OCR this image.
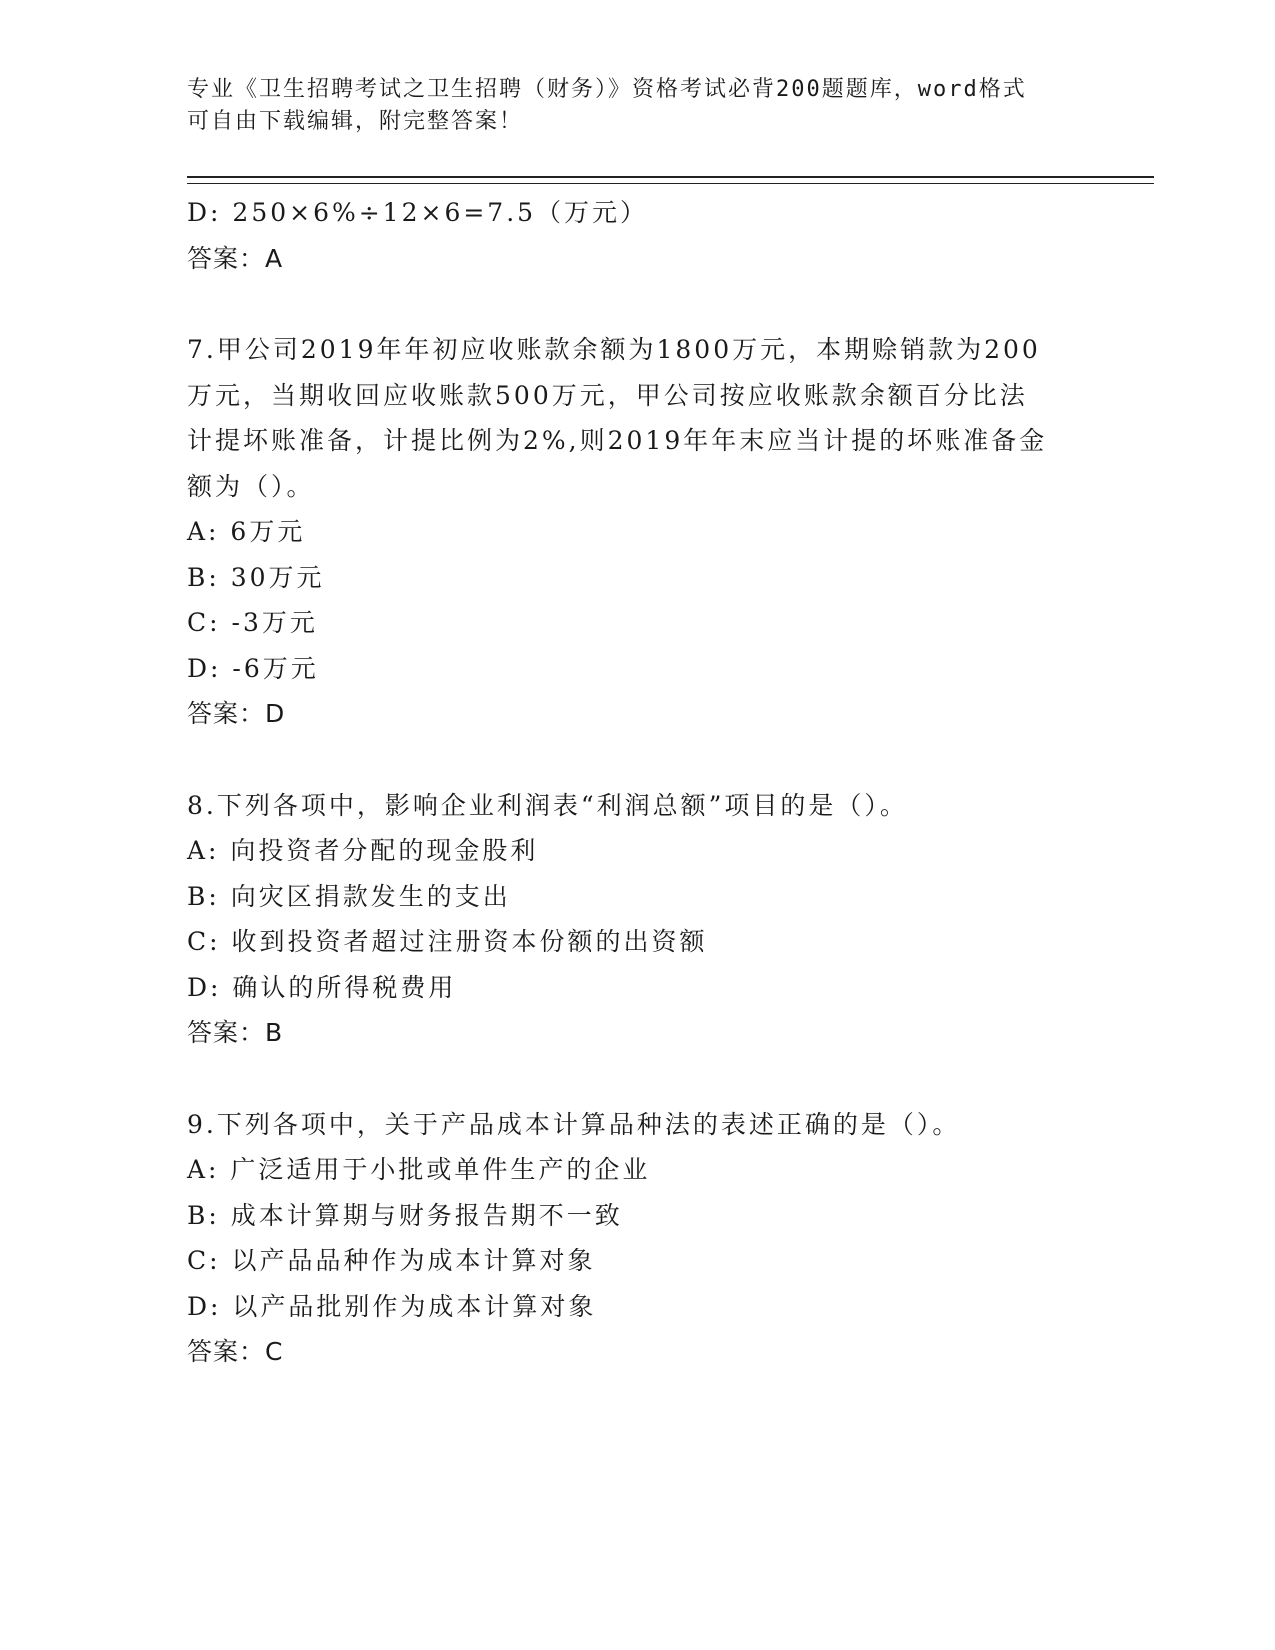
专业《卫生招聘考试之卫生招聘（财务）》资格考试必背200题题库，word格式
可自由下载编辑，附完整答案！
D: 250×6%÷12×6=7.5（万元）
答案：A
7.甲公司2019年年初应收账款余额为1800万元，本期赊销款为200
万元，当期收回应收账款500万元，甲公司按应收账款余额百分比法
计提坏账准备，计提比例为2%,则2019年年末应当计提的坏账准备金
额为（）。
A: 6万元
B: 30万元
C: -3万元
D: -6万元
答案：D
8.下列各项中，影响企业利润表“利润总额”项目的是（）。
A: 向投资者分配的现金股利
B: 向灾区捐款发生的支出
C: 收到投资者超过注册资本份额的出资额
D: 确认的所得税费用
答案：B
9.下列各项中，关于产品成本计算品种法的表述正确的是（）。
A: 广泛适用于小批或单件生产的企业
B: 成本计算期与财务报告期不一致
C: 以产品品种作为成本计算对象
D: 以产品批别作为成本计算对象
答案：C
